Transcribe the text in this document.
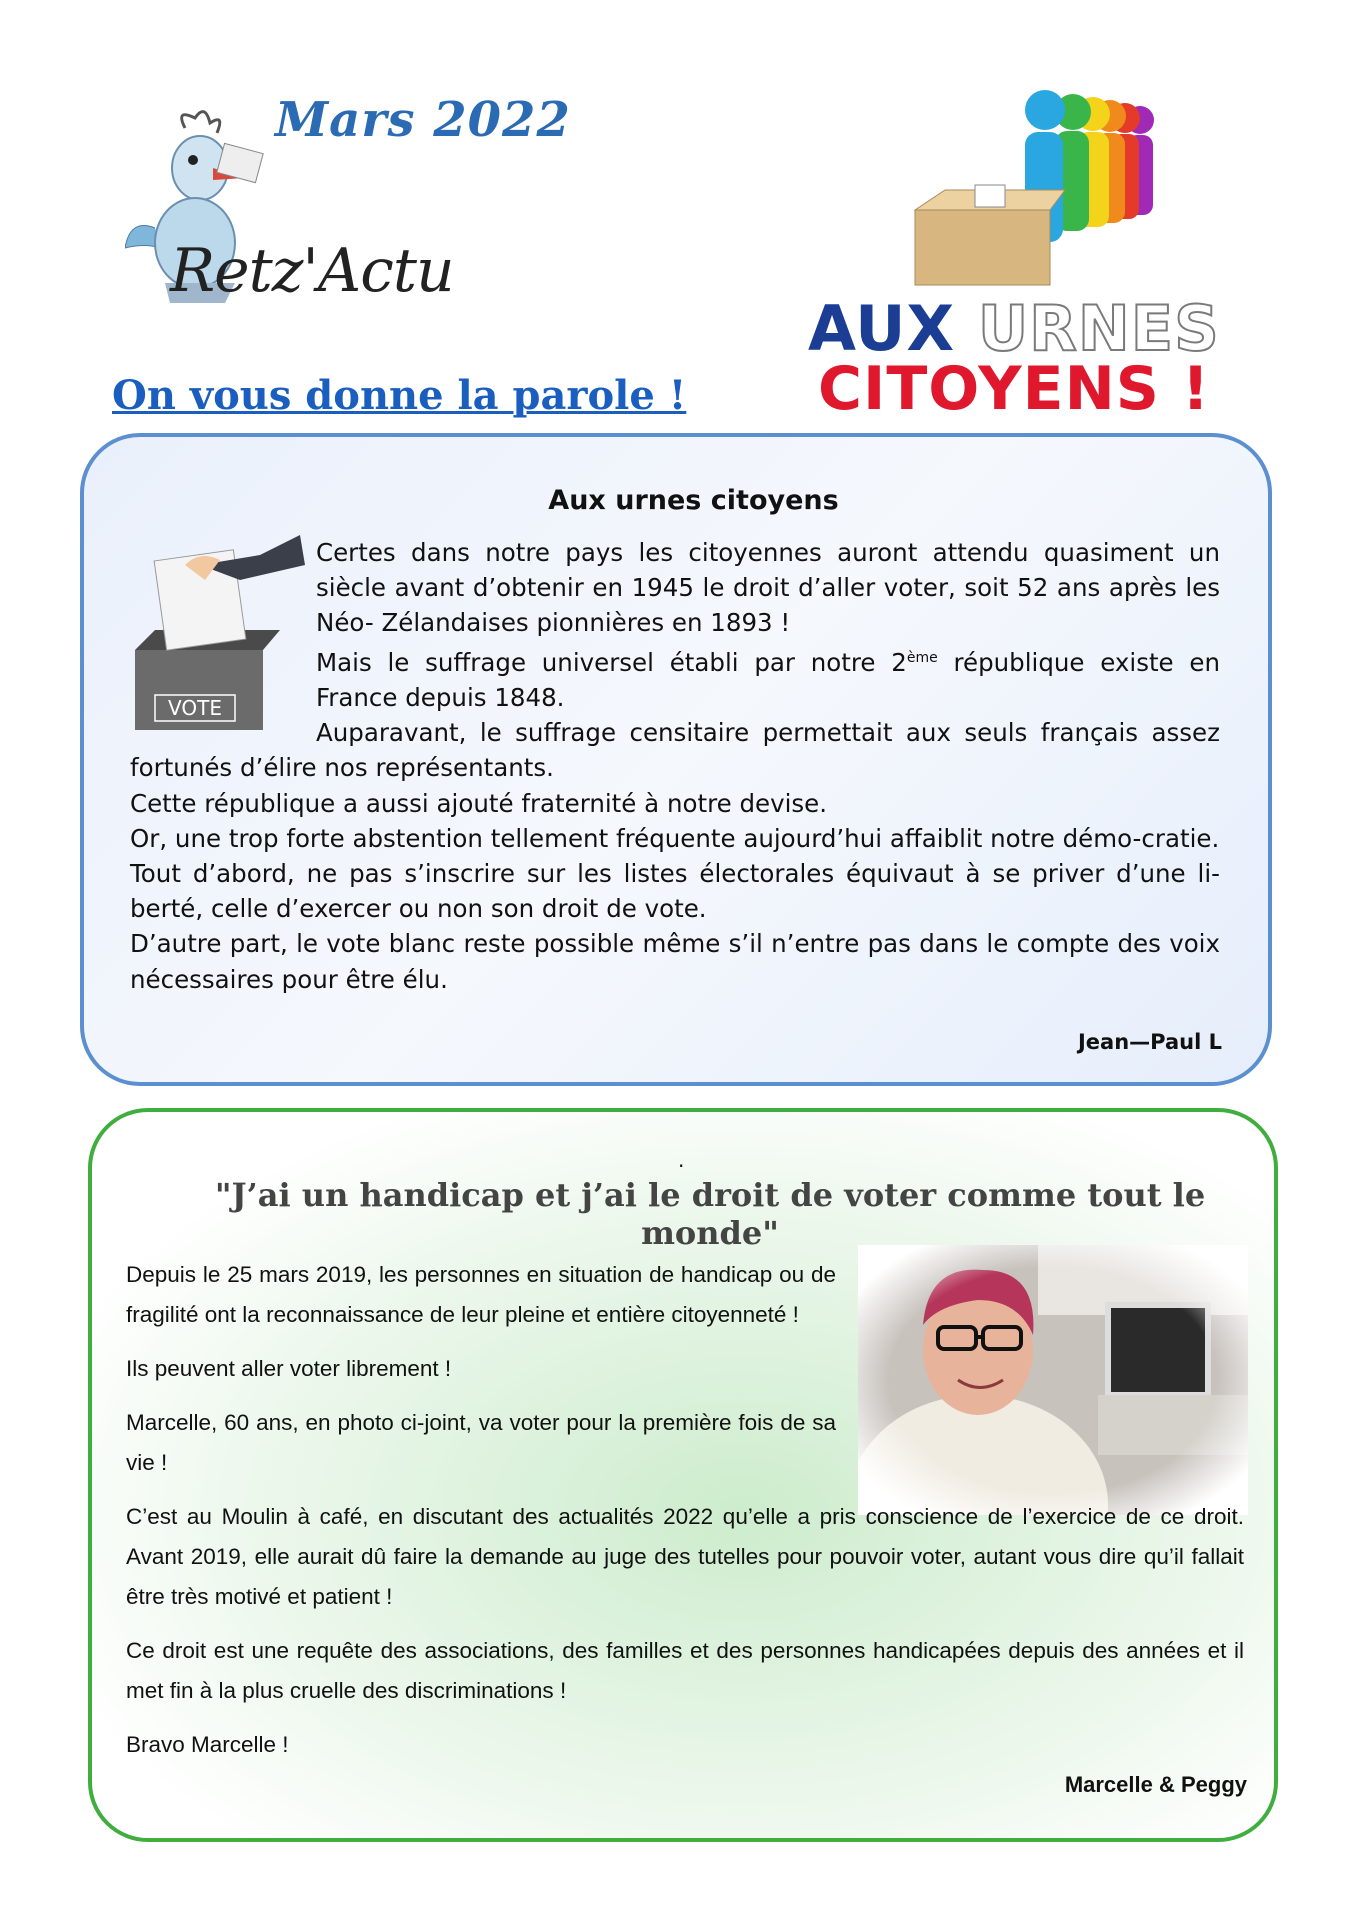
Mars 2022
Retz'Actu
On vous donne la parole !
AUX URNES
CITOYENS !
Aux urnes citoyens
VOTE

Certes dans notre pays les citoyennes auront attendu quasiment un siècle avant d’obtenir en 1945 le droit d’aller voter, soit 52 ans après les Néo- Zélandaises pionnières en 1893 !

Mais le suffrage universel établi par notre 2ème république existe en France depuis 1848.

Auparavant, le suffrage censitaire permettait aux seuls français assez fortunés d’élire nos représentants.

Cette république a aussi ajouté fraternité à notre devise.

Or, une trop forte abstention tellement fréquente aujourd’hui affaiblit notre démo-cratie.

Tout d’abord, ne pas s’inscrire sur les listes électorales équivaut à se priver d’une li-berté, celle d’exercer ou non son droit de vote.

D’autre part, le vote blanc reste possible même s’il n’entre pas dans le compte des voix nécessaires pour être élu.

Jean—Paul L
.
"J’ai un handicap et j’ai le droit de voter comme tout le monde"

Depuis le 25 mars 2019, les personnes en situation de handicap ou de fragilité ont la reconnaissance de leur pleine et entière citoyenneté !

Ils peuvent aller voter librement !

Marcelle, 60 ans, en photo ci-joint, va voter pour la première fois de sa vie !

C’est au Moulin à café, en discutant des actualités 2022 qu’elle a pris conscience de l’exercice de ce droit. Avant 2019, elle aurait dû faire la demande au juge des tutelles pour pouvoir voter, autant vous dire qu’il fallait être très motivé et patient !

Ce droit est une requête des associations, des familles et des personnes handicapées depuis des années et il met fin à la plus cruelle des discriminations !

Bravo Marcelle !

Marcelle & Peggy
